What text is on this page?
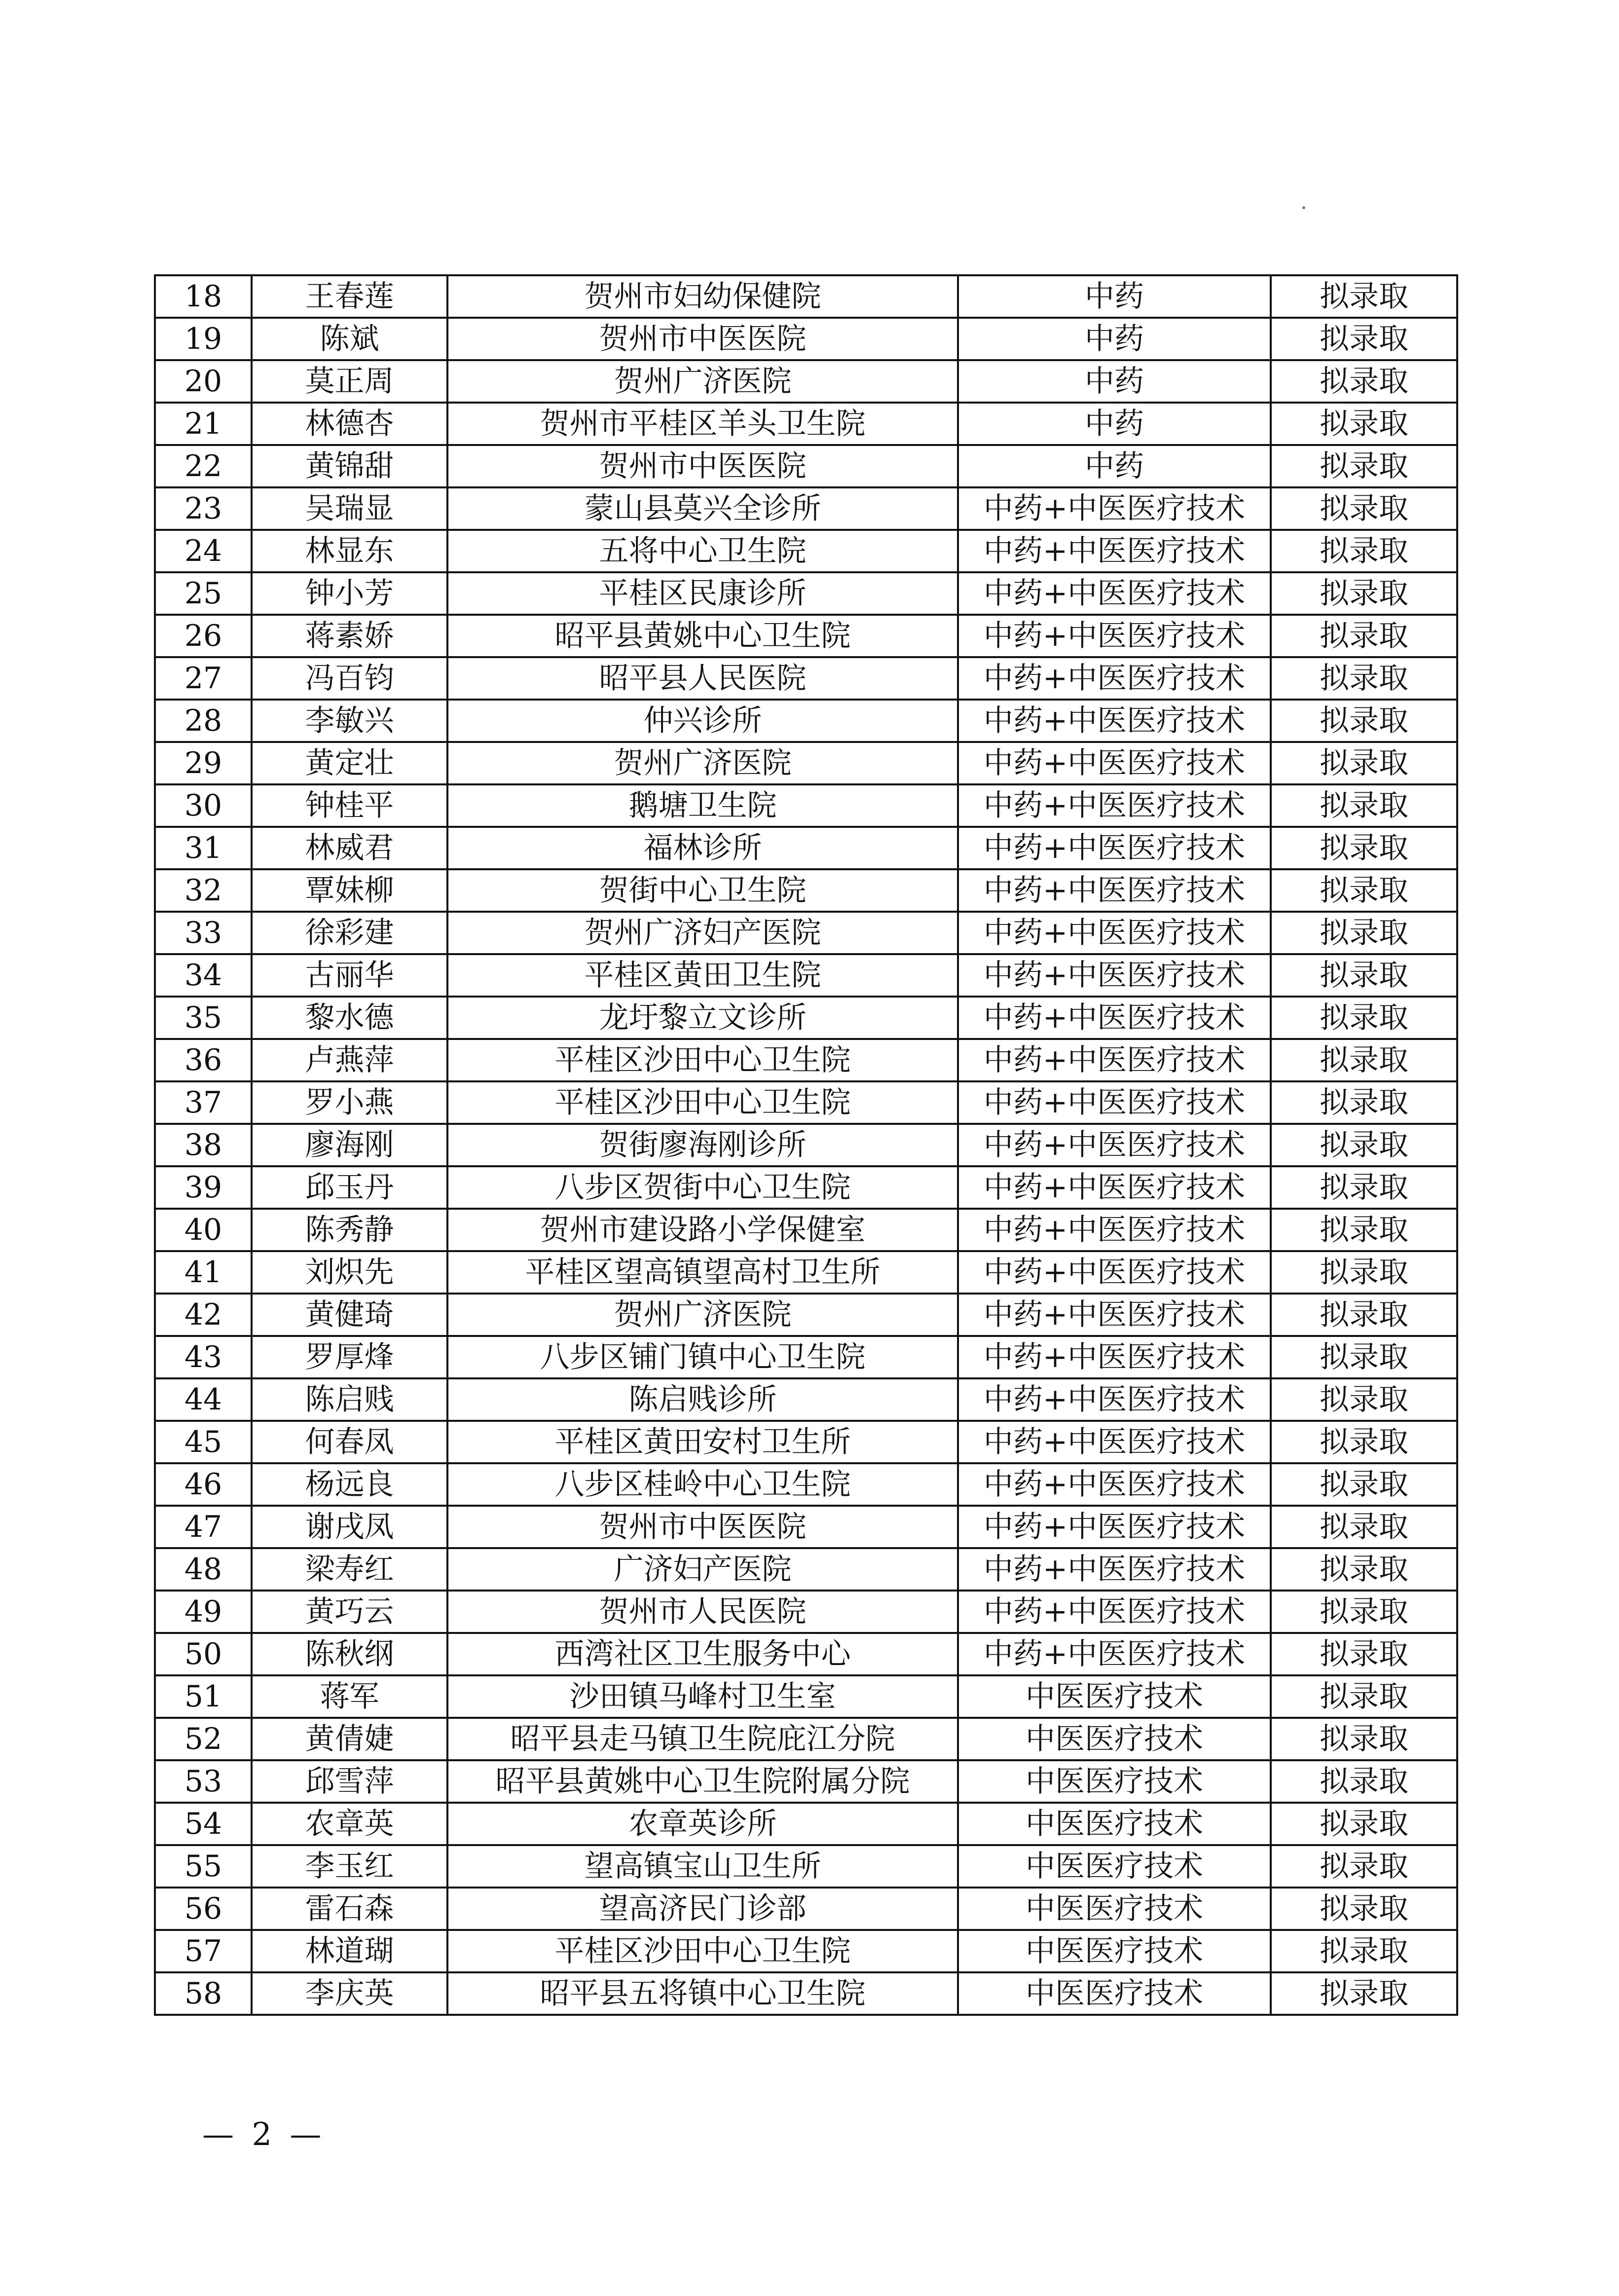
18	王春莲	贺州市妇幼保健院	中药	拟录取
19	陈斌	贺州市中医医院	中药	拟录取
20	莫正周	贺州广济医院	中药	拟录取
21	林德杏	贺州市平桂区羊头卫生院	中药	拟录取
22	黄锦甜	贺州市中医医院	中药	拟录取
23	吴瑞显	蒙山县莫兴全诊所	中药+中医医疗技术	拟录取
24	林显东	五将中心卫生院	中药+中医医疗技术	拟录取
25	钟小芳	平桂区民康诊所	中药+中医医疗技术	拟录取
26	蒋素娇	昭平县黄姚中心卫生院	中药+中医医疗技术	拟录取
27	冯百钧	昭平县人民医院	中药+中医医疗技术	拟录取
28	李敏兴	仲兴诊所	中药+中医医疗技术	拟录取
29	黄定壮	贺州广济医院	中药+中医医疗技术	拟录取
30	钟桂平	鹅塘卫生院	中药+中医医疗技术	拟录取
31	林威君	福林诊所	中药+中医医疗技术	拟录取
32	覃妹柳	贺街中心卫生院	中药+中医医疗技术	拟录取
33	徐彩建	贺州广济妇产医院	中药+中医医疗技术	拟录取
34	古丽华	平桂区黄田卫生院	中药+中医医疗技术	拟录取
35	黎水德	龙圩黎立文诊所	中药+中医医疗技术	拟录取
36	卢燕萍	平桂区沙田中心卫生院	中药+中医医疗技术	拟录取
37	罗小燕	平桂区沙田中心卫生院	中药+中医医疗技术	拟录取
38	廖海刚	贺街廖海刚诊所	中药+中医医疗技术	拟录取
39	邱玉丹	八步区贺街中心卫生院	中药+中医医疗技术	拟录取
40	陈秀静	贺州市建设路小学保健室	中药+中医医疗技术	拟录取
41	刘炽先	平桂区望高镇望高村卫生所	中药+中医医疗技术	拟录取
42	黄健琦	贺州广济医院	中药+中医医疗技术	拟录取
43	罗厚烽	八步区铺门镇中心卫生院	中药+中医医疗技术	拟录取
44	陈启贱	陈启贱诊所	中药+中医医疗技术	拟录取
45	何春凤	平桂区黄田安村卫生所	中药+中医医疗技术	拟录取
46	杨远良	八步区桂岭中心卫生院	中药+中医医疗技术	拟录取
47	谢戌凤	贺州市中医医院	中药+中医医疗技术	拟录取
48	梁寿红	广济妇产医院	中药+中医医疗技术	拟录取
49	黄巧云	贺州市人民医院	中药+中医医疗技术	拟录取
50	陈秋纲	西湾社区卫生服务中心	中药+中医医疗技术	拟录取
51	蒋军	沙田镇马峰村卫生室	中医医疗技术	拟录取
52	黄倩婕	昭平县走马镇卫生院庇江分院	中医医疗技术	拟录取
53	邱雪萍	昭平县黄姚中心卫生院附属分院	中医医疗技术	拟录取
54	农章英	农章英诊所	中医医疗技术	拟录取
55	李玉红	望高镇宝山卫生所	中医医疗技术	拟录取
56	雷石森	望高济民门诊部	中医医疗技术	拟录取
57	林道瑚	平桂区沙田中心卫生院	中医医疗技术	拟录取
58	李庆英	昭平县五将镇中心卫生院	中医医疗技术	拟录取
— 2 —
